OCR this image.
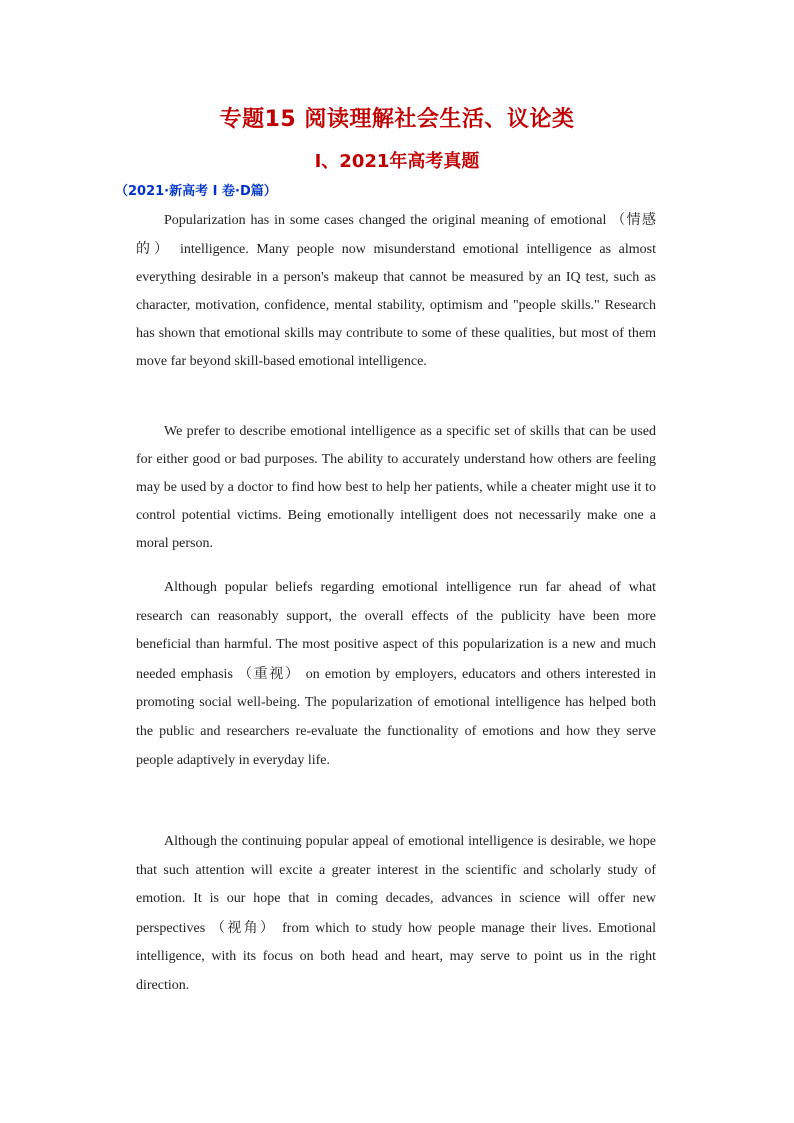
专题15 阅读理解社会生活、议论类
I、2021年高考真题
（2021·新高考 I 卷·D篇）
Popularization has in some cases changed the original meaning of emotional （情感的） intelligence. Many people now misunderstand emotional intelligence as almost everything desirable in a person's makeup that cannot be measured by an IQ test, such as character, motivation, confidence, mental stability, optimism and "people skills." Research has shown that emotional skills may contribute to some of these qualities, but most of them move far beyond skill-based emotional intelligence.
We prefer to describe emotional intelligence as a specific set of skills that can be used for either good or bad purposes. The ability to accurately understand how others are feeling may be used by a doctor to find how best to help her patients, while a cheater might use it to control potential victims. Being emotionally intelligent does not necessarily make one a moral person.
Although popular beliefs regarding emotional intelligence run far ahead of what research can reasonably support, the overall effects of the publicity have been more beneficial than harmful. The most positive aspect of this popularization is a new and much needed emphasis （重视） on emotion by employers, educators and others interested in promoting social well-being. The popularization of emotional intelligence has helped both the public and researchers re-evaluate the functionality of emotions and how they serve people adaptively in everyday life.
Although the continuing popular appeal of emotional intelligence is desirable, we hope that such attention will excite a greater interest in the scientific and scholarly study of emotion. It is our hope that in coming decades, advances in science will offer new perspectives （视角） from which to study how people manage their lives. Emotional intelligence, with its focus on both head and heart, may serve to point us in the right direction.
